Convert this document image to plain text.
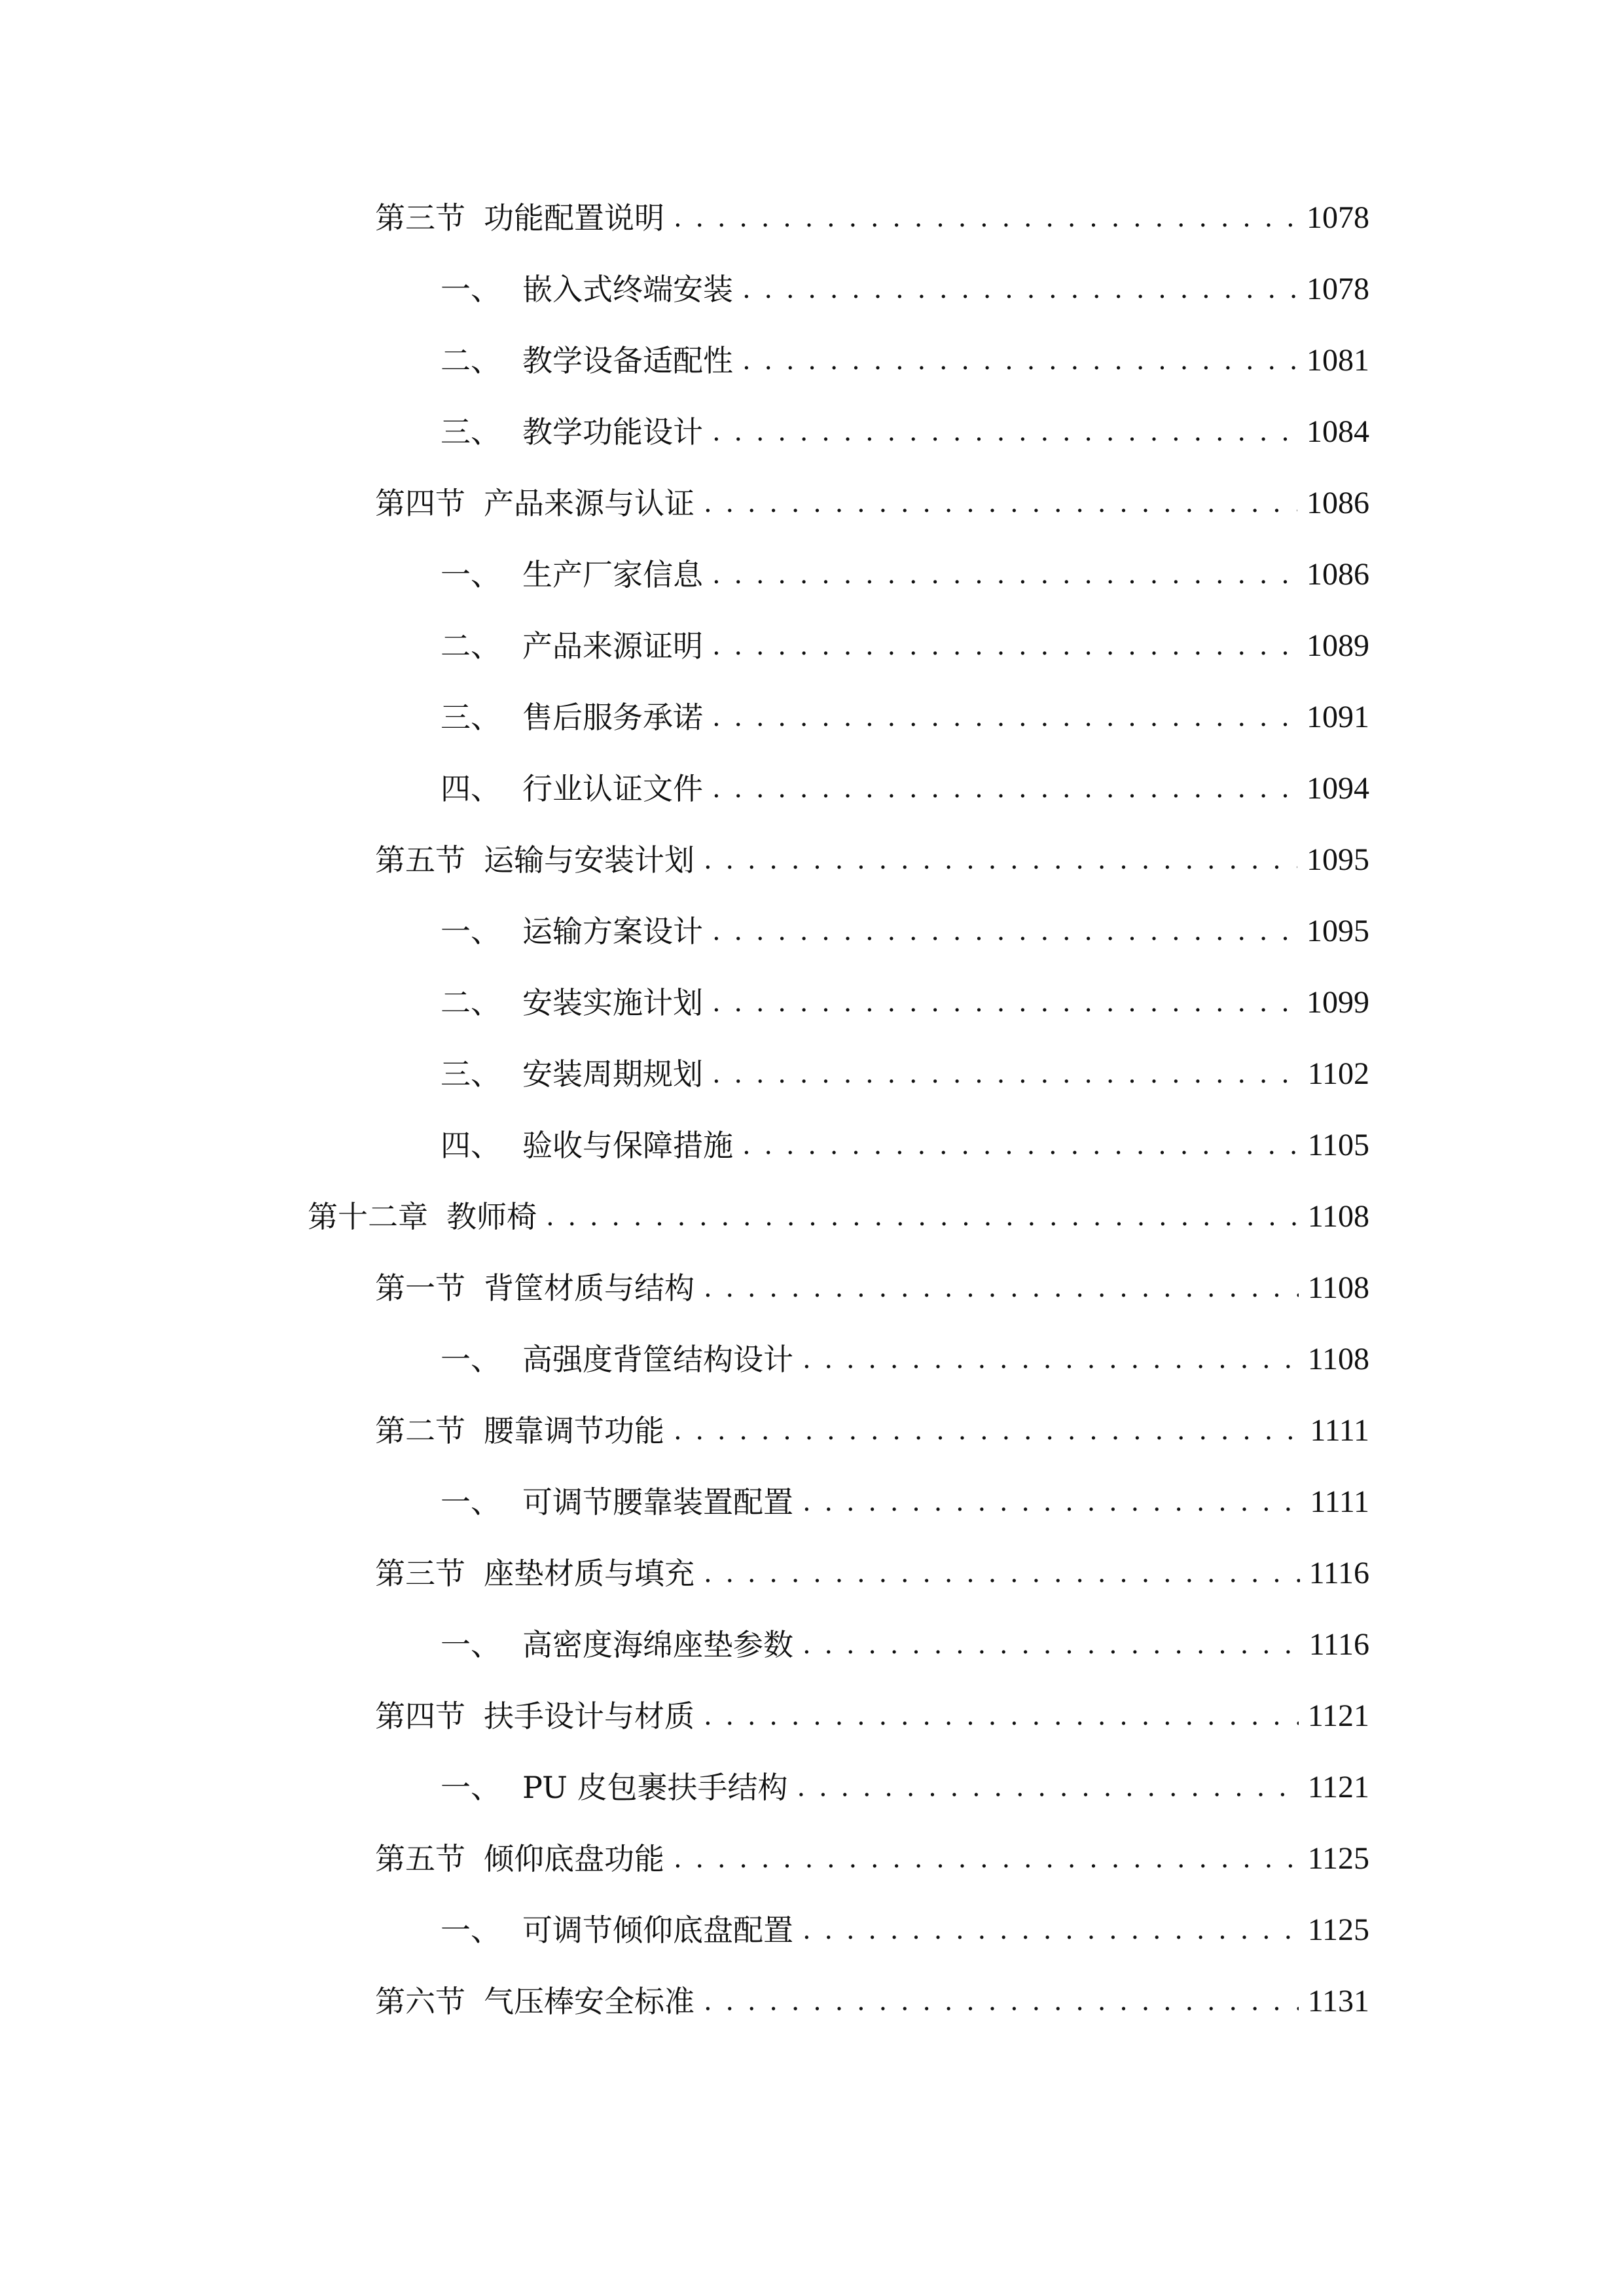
第三节 功能配置说明 . . .	1078
一、 嵌入式终端安装 . . .	1078
二、 教学设备适配性 . . .	1081
三、 教学功能设计 . . .	1084
第四节 产品来源与认证 . . .	1086
一、 生产厂家信息 . . .	1086
二、 产品来源证明 . . .	1089
三、 售后服务承诺 . . .	1091
四、 行业认证文件 . . .	1094
第五节 运输与安装计划 . . .	1095
一、 运输方案设计 . . .	1095
二、 安装实施计划 . . .	1099
三、 安装周期规划 . . .	1102
四、 验收与保障措施 . . .	1105
第十二章 教师椅 . . .	1108
第一节 背筐材质与结构 . . .	1108
一、 高强度背筐结构设计 . . .	1108
第二节 腰靠调节功能 . . .	1111
一、 可调节腰靠装置配置 . . .	1111
第三节 座垫材质与填充 . . .	1116
一、 高密度海绵座垫参数 . . .	1116
第四节 扶手设计与材质 . . .	1121
一、 PU 皮包裹扶手结构 . . .	1121
第五节 倾仰底盘功能 . . .	1125
一、 可调节倾仰底盘配置 . . .	1125
第六节 气压棒安全标准 . . .	1131
